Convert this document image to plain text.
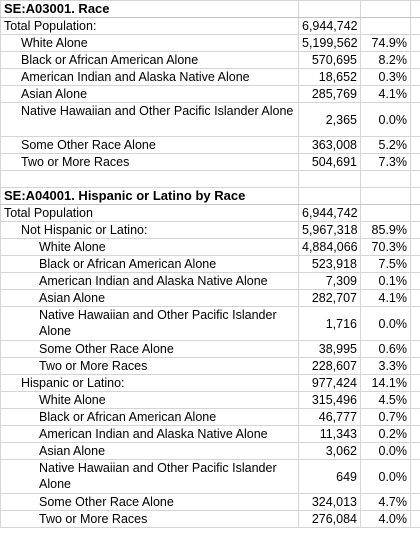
SE:A03001. Race			
Total Population:	6,944,742		
White Alone	5,199,562	74.9%	
Black or African American Alone	570,695	8.2%	
American Indian and Alaska Native Alone	18,652	0.3%	
Asian Alone	285,769	4.1%	
Native Hawaiian and Other Pacific Islander Alone	2,365	0.0%	
Some Other Race Alone	363,008	5.2%	
Two or More Races	504,691	7.3%	

SE:A04001. Hispanic or Latino by Race			
Total Population	6,944,742		
Not Hispanic or Latino:	5,967,318	85.9%	
White Alone	4,884,066	70.3%	
Black or African American Alone	523,918	7.5%	
American Indian and Alaska Native Alone	7,309	0.1%	
Asian Alone	282,707	4.1%	
Native Hawaiian and Other Pacific Islander Alone	1,716	0.0%	
Some Other Race Alone	38,995	0.6%	
Two or More Races	228,607	3.3%	
Hispanic or Latino:	977,424	14.1%	
White Alone	315,496	4.5%	
Black or African American Alone	46,777	0.7%	
American Indian and Alaska Native Alone	11,343	0.2%	
Asian Alone	3,062	0.0%	
Native Hawaiian and Other Pacific Islander Alone	649	0.0%	
Some Other Race Alone	324,013	4.7%	
Two or More Races	276,084	4.0%	
